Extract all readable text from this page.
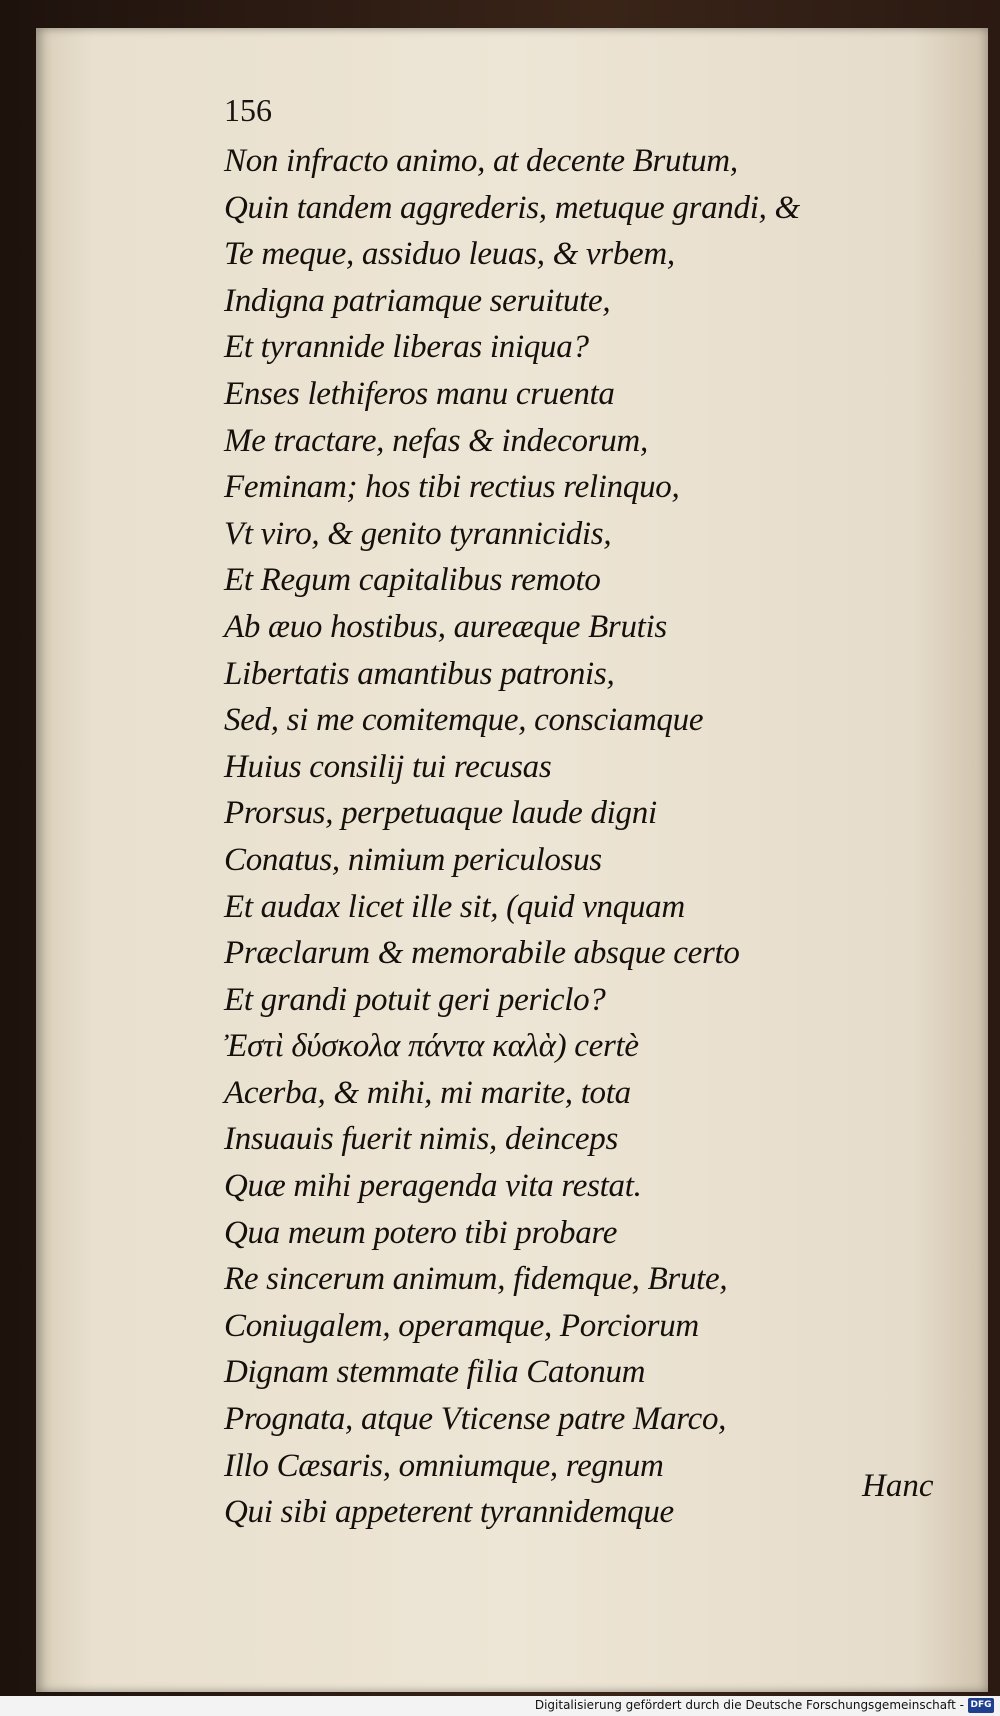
156
Non infracto animo, at decente Brutum,
Quin tandem aggrederis, metuque grandi, &
Te meque, assiduo leuas, & vrbem,
Indigna patriamque seruitute,
Et tyrannide liberas iniqua?
Enses lethiferos manu cruenta
Me tractare, nefas & indecorum,
Feminam; hos tibi rectius relinquo,
Vt viro, & genito tyrannicidis,
Et Regum capitalibus remoto
Ab æuo hostibus, aureæque Brutis
Libertatis amantibus patronis,
Sed, si me comitemque, consciamque
Huius consilij tui recusas
Prorsus, perpetuaque laude digni
Conatus, nimium periculosus
Et audax licet ille sit, (quid vnquam
Præclarum & memorabile absque certo
Et grandi potuit geri periclo?
Ἐστὶ δύσκολα πάντα καλὰ) certè
Acerba, & mihi, mi marite, tota
Insuauis fuerit nimis, deinceps
Quæ mihi peragenda vita restat.
Qua meum potero tibi probare
Re sincerum animum, fidemque, Brute,
Coniugalem, operamque, Porciorum
Dignam stemmate filia Catonum
Prognata, atque Vticense patre Marco,
Illo Cæsaris, omniumque, regnum
Qui sibi appeterent tyrannidemque
Hanc
Digitalisierung gefördert durch die Deutsche Forschungsgemeinschaft - DFG
